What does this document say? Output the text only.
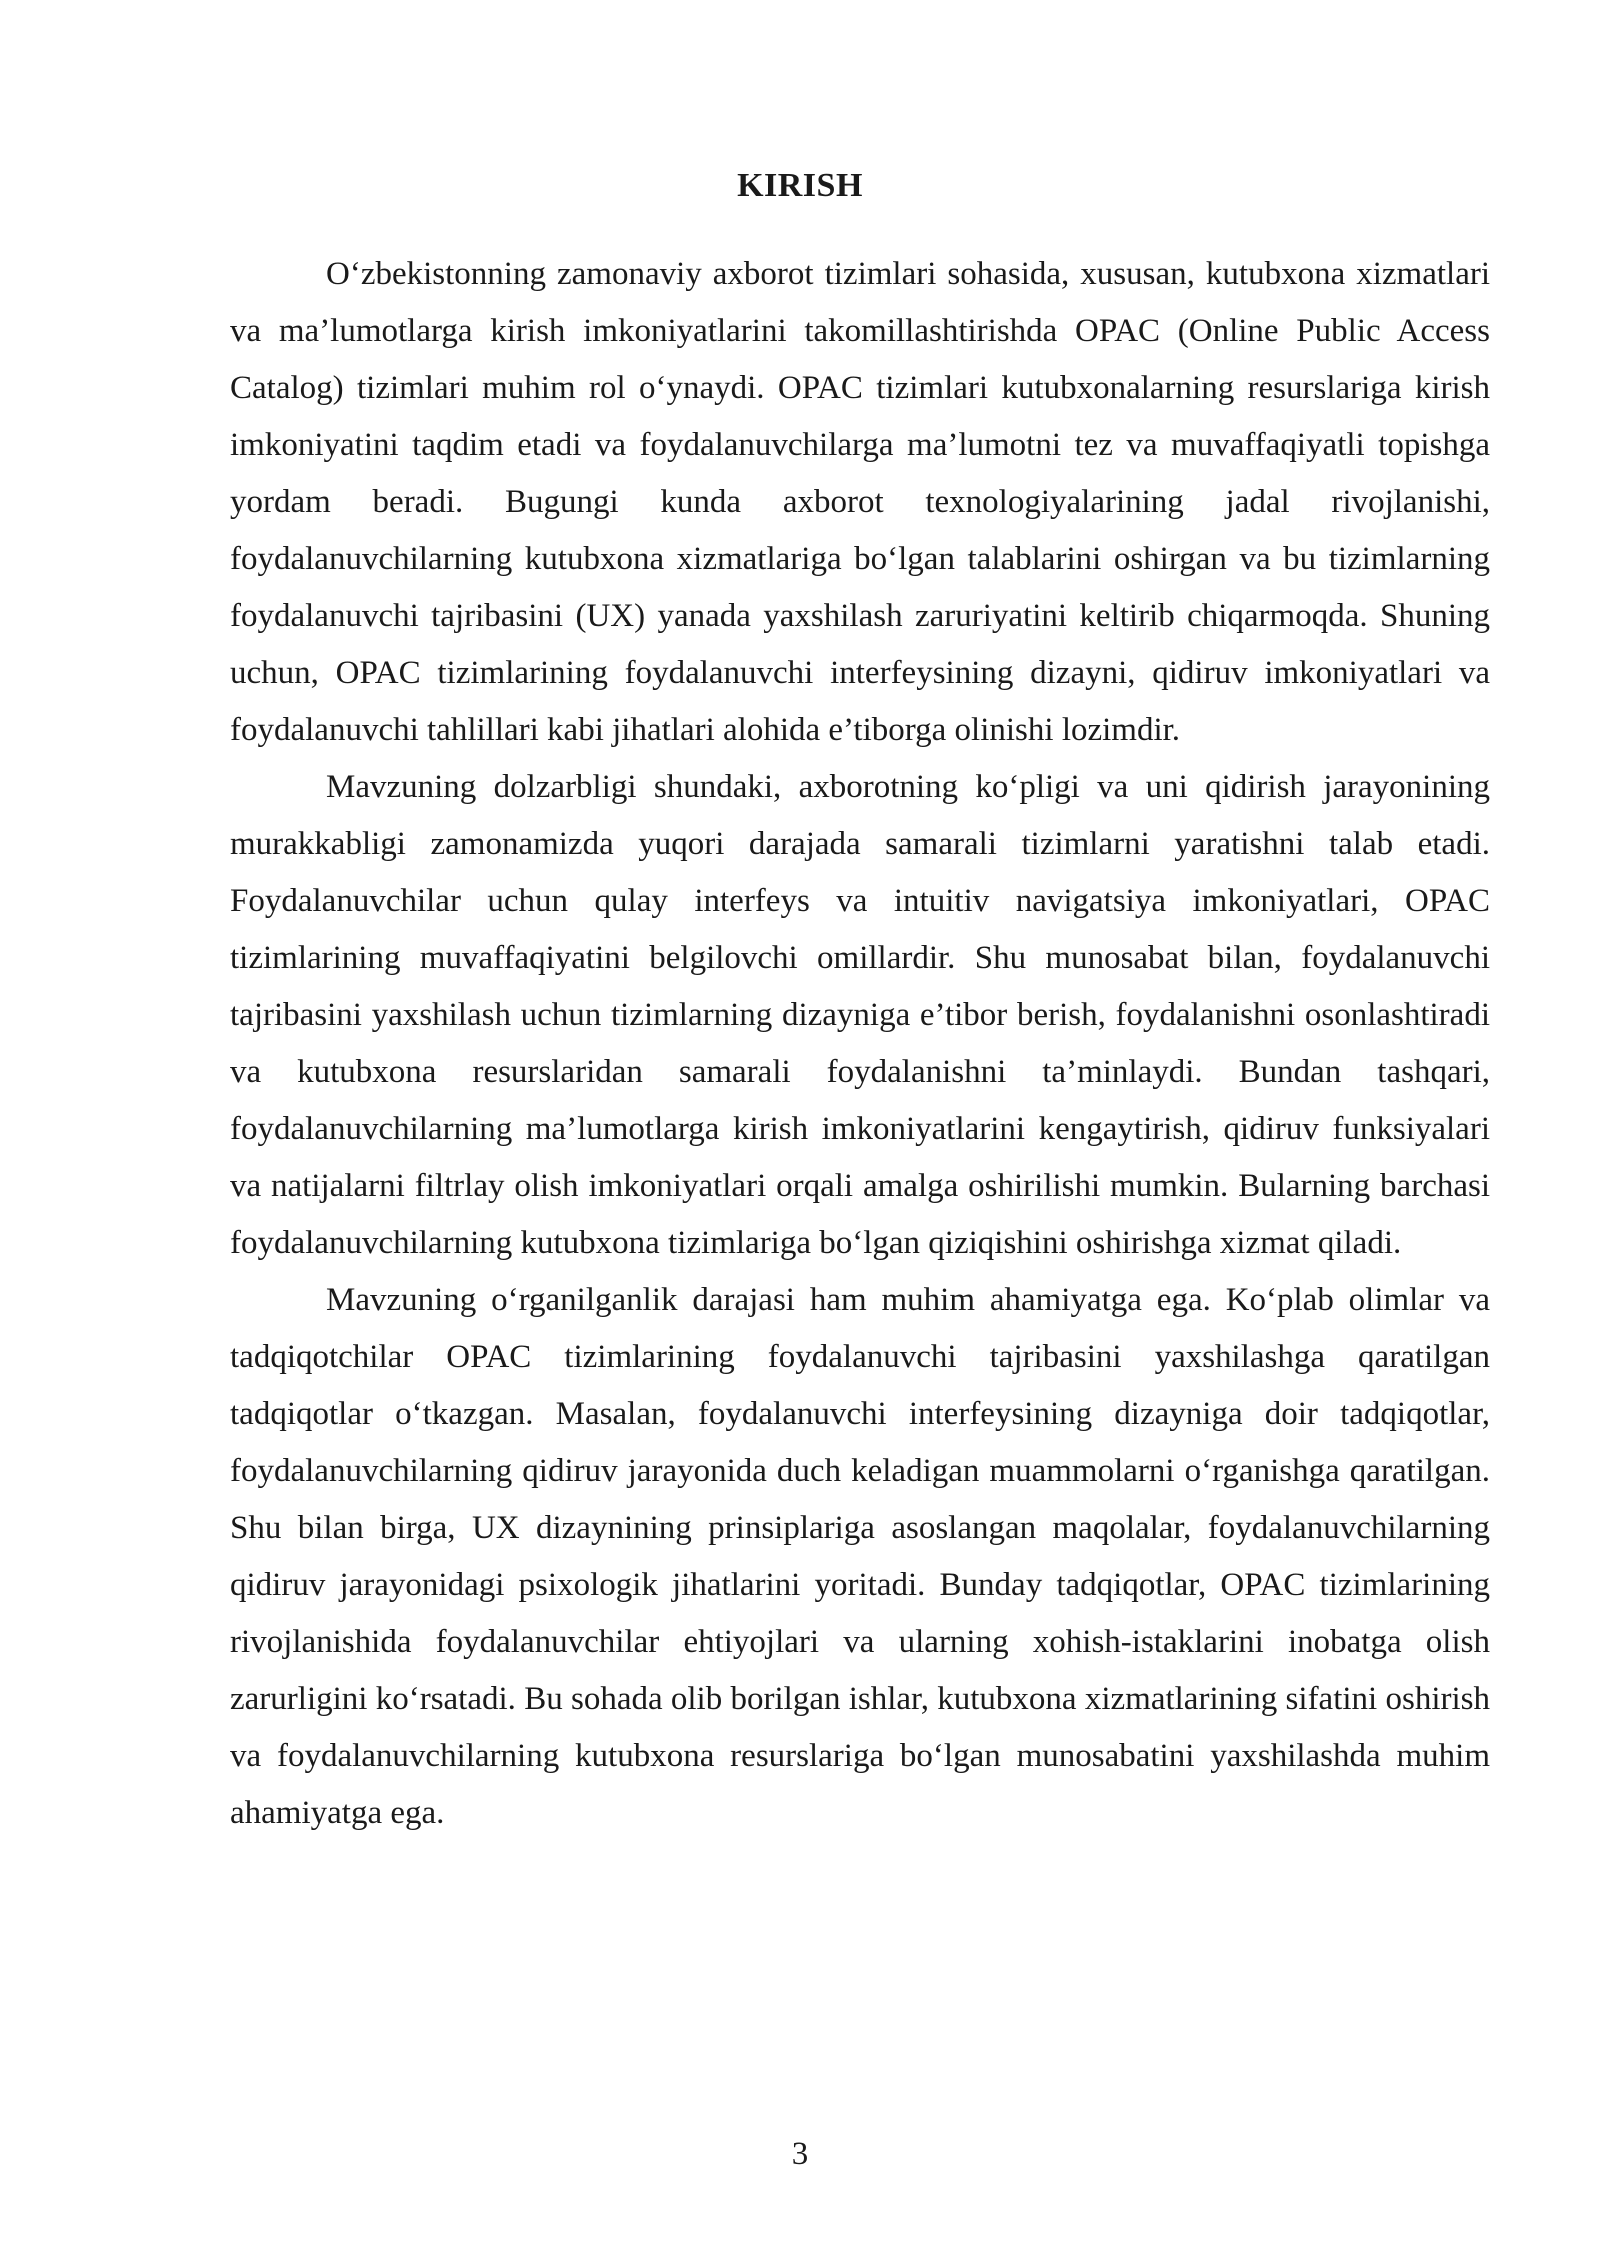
KIRISH

O‘zbekistonning zamonaviy axborot tizimlari sohasida, xususan, kutubxona xizmatlari va ma’lumotlarga kirish imkoniyatlarini takomillashtirishda OPAC (Online Public Access Catalog) tizimlari muhim rol o‘ynaydi. OPAC tizimlari kutubxonalarning resurslariga kirish imkoniyatini taqdim etadi va foydalanuvchilarga ma’lumotni tez va muvaffaqiyatli topishga yordam beradi. Bugungi kunda axborot texnologiyalarining jadal rivojlanishi, foydalanuvchilarning kutubxona xizmatlariga bo‘lgan talablarini oshirgan va bu tizimlarning foydalanuvchi tajribasini (UX) yanada yaxshilash zaruriyatini keltirib chiqarmoqda. Shuning uchun, OPAC tizimlarining foydalanuvchi interfeysining dizayni, qidiruv imkoniyatlari va foydalanuvchi tahlillari kabi jihatlari alohida e’tiborga olinishi lozimdir.

Mavzuning dolzarbligi shundaki, axborotning ko‘pligi va uni qidirish jarayonining murakkabligi zamonamizda yuqori darajada samarali tizimlarni yaratishni talab etadi. Foydalanuvchilar uchun qulay interfeys va intuitiv navigatsiya imkoniyatlari, OPAC tizimlarining muvaffaqiyatini belgilovchi omillardir. Shu munosabat bilan, foydalanuvchi tajribasini yaxshilash uchun tizimlarning dizayniga e’tibor berish, foydalanishni osonlashtiradi va kutubxona resurslaridan samarali foydalanishni ta’minlaydi. Bundan tashqari, foydalanuvchilarning ma’lumotlarga kirish imkoniyatlarini kengaytirish, qidiruv funksiyalari va natijalarni filtrlay olish imkoniyatlari orqali amalga oshirilishi mumkin. Bularning barchasi foydalanuvchilarning kutubxona tizimlariga bo‘lgan qiziqishini oshirishga xizmat qiladi.

Mavzuning o‘rganilganlik darajasi ham muhim ahamiyatga ega. Ko‘plab olimlar va tadqiqotchilar OPAC tizimlarining foydalanuvchi tajribasini yaxshilashga qaratilgan tadqiqotlar o‘tkazgan. Masalan, foydalanuvchi interfeysining dizayniga doir tadqiqotlar, foydalanuvchilarning qidiruv jarayonida duch keladigan muammolarni o‘rganishga qaratilgan. Shu bilan birga, UX dizaynining prinsiplariga asoslangan maqolalar, foydalanuvchilarning qidiruv jarayonidagi psixologik jihatlarini yoritadi. Bunday tadqiqotlar, OPAC tizimlarining rivojlanishida foydalanuvchilar ehtiyojlari va ularning xohish-istaklarini inobatga olish zarurligini ko‘rsatadi. Bu sohada olib borilgan ishlar, kutubxona xizmatlarining sifatini oshirish va foydalanuvchilarning kutubxona resurslariga bo‘lgan munosabatini yaxshilashda muhim ahamiyatga ega.

3
